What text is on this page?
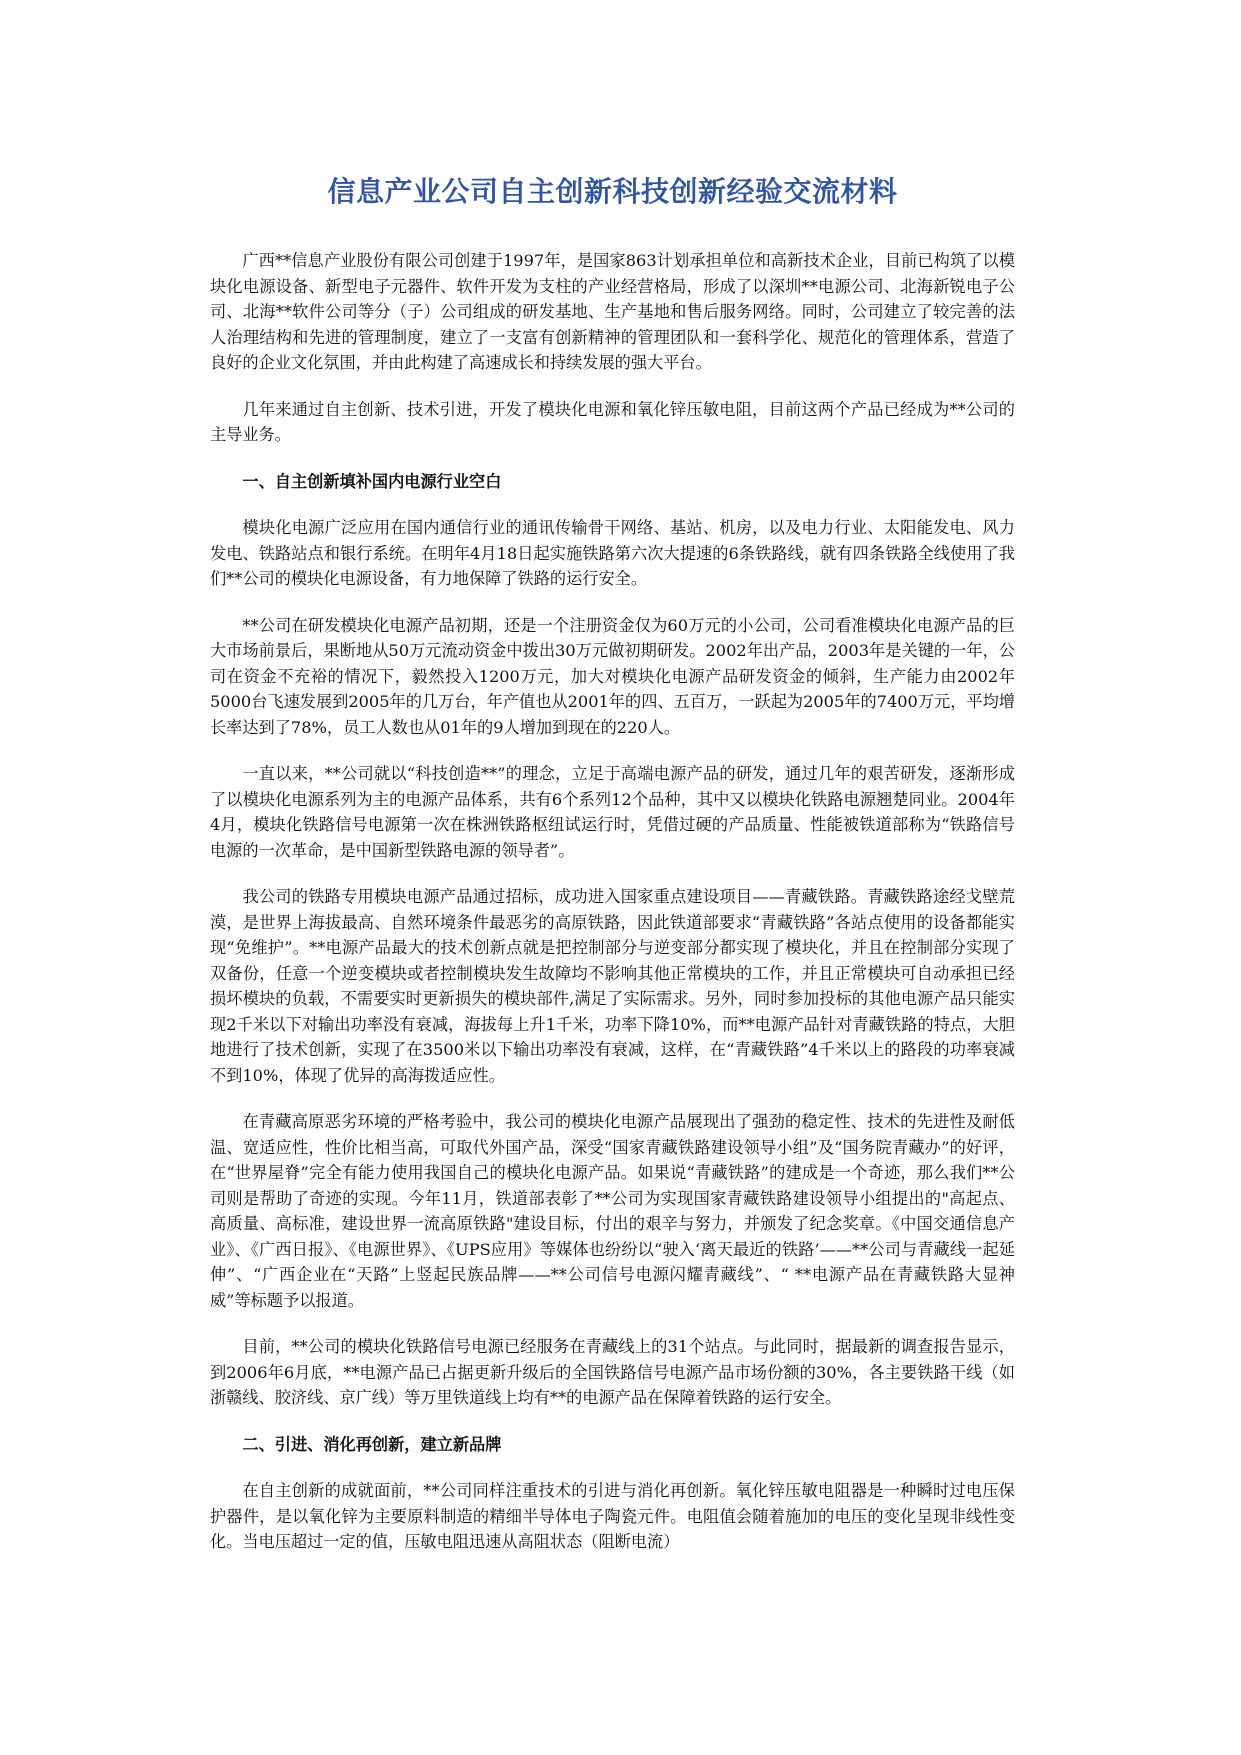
信息产业公司自主创新科技创新经验交流材料

广西**信息产业股份有限公司创建于1997年，是国家863计划承担单位和高新技术企业，目前已构筑了以模块化电源设备、新型电子元器件、软件开发为支柱的产业经营格局，形成了以深圳**电源公司、北海新锐电子公司、北海**软件公司等分（子）公司组成的研发基地、生产基地和售后服务网络。同时，公司建立了较完善的法人治理结构和先进的管理制度，建立了一支富有创新精神的管理团队和一套科学化、规范化的管理体系，营造了良好的企业文化氛围，并由此构建了高速成长和持续发展的强大平台。

几年来通过自主创新、技术引进，开发了模块化电源和氧化锌压敏电阻，目前这两个产品已经成为**公司的主导业务。

一、自主创新填补国内电源行业空白

模块化电源广泛应用在国内通信行业的通讯传输骨干网络、基站、机房，以及电力行业、太阳能发电、风力发电、铁路站点和银行系统。在明年4月18日起实施铁路第六次大提速的6条铁路线，就有四条铁路全线使用了我们**公司的模块化电源设备，有力地保障了铁路的运行安全。

**公司在研发模块化电源产品初期，还是一个注册资金仅为60万元的小公司，公司看准模块化电源产品的巨大市场前景后，果断地从50万元流动资金中拨出30万元做初期研发。2002年出产品，2003年是关键的一年，公司在资金不充裕的情况下，毅然投入1200万元，加大对模块化电源产品研发资金的倾斜，生产能力由2002年5000台飞速发展到2005年的几万台，年产值也从2001年的四、五百万，一跃起为2005年的7400万元，平均增长率达到了78%，员工人数也从01年的9人增加到现在的220人。

一直以来，**公司就以“科技创造**”的理念，立足于高端电源产品的研发，通过几年的艰苦研发，逐渐形成了以模块化电源系列为主的电源产品体系，共有6个系列12个品种，其中又以模块化铁路电源翘楚同业。2004年4月，模块化铁路信号电源第一次在株洲铁路枢纽试运行时，凭借过硬的产品质量、性能被铁道部称为“铁路信号电源的一次革命，是中国新型铁路电源的领导者”。

我公司的铁路专用模块电源产品通过招标，成功进入国家重点建设项目——青藏铁路。青藏铁路途经戈壁荒漠，是世界上海拔最高、自然环境条件最恶劣的高原铁路，因此铁道部要求“青藏铁路”各站点使用的设备都能实现“免维护”。**电源产品最大的技术创新点就是把控制部分与逆变部分都实现了模块化，并且在控制部分实现了双备份，任意一个逆变模块或者控制模块发生故障均不影响其他正常模块的工作，并且正常模块可自动承担已经损坏模块的负载，不需要实时更新损失的模块部件,满足了实际需求。另外，同时参加投标的其他电源产品只能实现2千米以下对输出功率没有衰减，海拔每上升1千米，功率下降10%，而**电源产品针对青藏铁路的特点，大胆地进行了技术创新，实现了在3500米以下输出功率没有衰减，这样，在“青藏铁路”4千米以上的路段的功率衰减不到10%，体现了优异的高海拨适应性。

在青藏高原恶劣环境的严格考验中，我公司的模块化电源产品展现出了强劲的稳定性、技术的先进性及耐低温、宽适应性，性价比相当高，可取代外国产品，深受“国家青藏铁路建设领导小组”及“国务院青藏办”的好评，在“世界屋脊”完全有能力使用我国自己的模块化电源产品。如果说“青藏铁路”的建成是一个奇迹，那么我们**公司则是帮助了奇迹的实现。今年11月，铁道部表彰了**公司为实现国家青藏铁路建设领导小组提出的"高起点、高质量、高标准，建设世界一流高原铁路"建设目标，付出的艰辛与努力，并颁发了纪念奖章。《中国交通信息产业》、《广西日报》、《电源世界》、《UPS应用》等媒体也纷纷以“驶入‘离天最近的铁路’——**公司与青藏线一起延伸”、“广西企业在“天路”上竖起民族品牌——**公司信号电源闪耀青藏线”、“ **电源产品在青藏铁路大显神威”等标题予以报道。

目前，**公司的模块化铁路信号电源已经服务在青藏线上的31个站点。与此同时，据最新的调查报告显示，到2006年6月底，**电源产品已占据更新升级后的全国铁路信号电源产品市场份额的30%，各主要铁路干线（如浙赣线、胶济线、京广线）等万里铁道线上均有**的电源产品在保障着铁路的运行安全。

二、引进、消化再创新，建立新品牌

在自主创新的成就面前，**公司同样注重技术的引进与消化再创新。氧化锌压敏电阻器是一种瞬时过电压保护器件，是以氧化锌为主要原料制造的精细半导体电子陶瓷元件。电阻值会随着施加的电压的变化呈现非线性变化。当电压超过一定的值，压敏电阻迅速从高阻状态（阻断电流）
